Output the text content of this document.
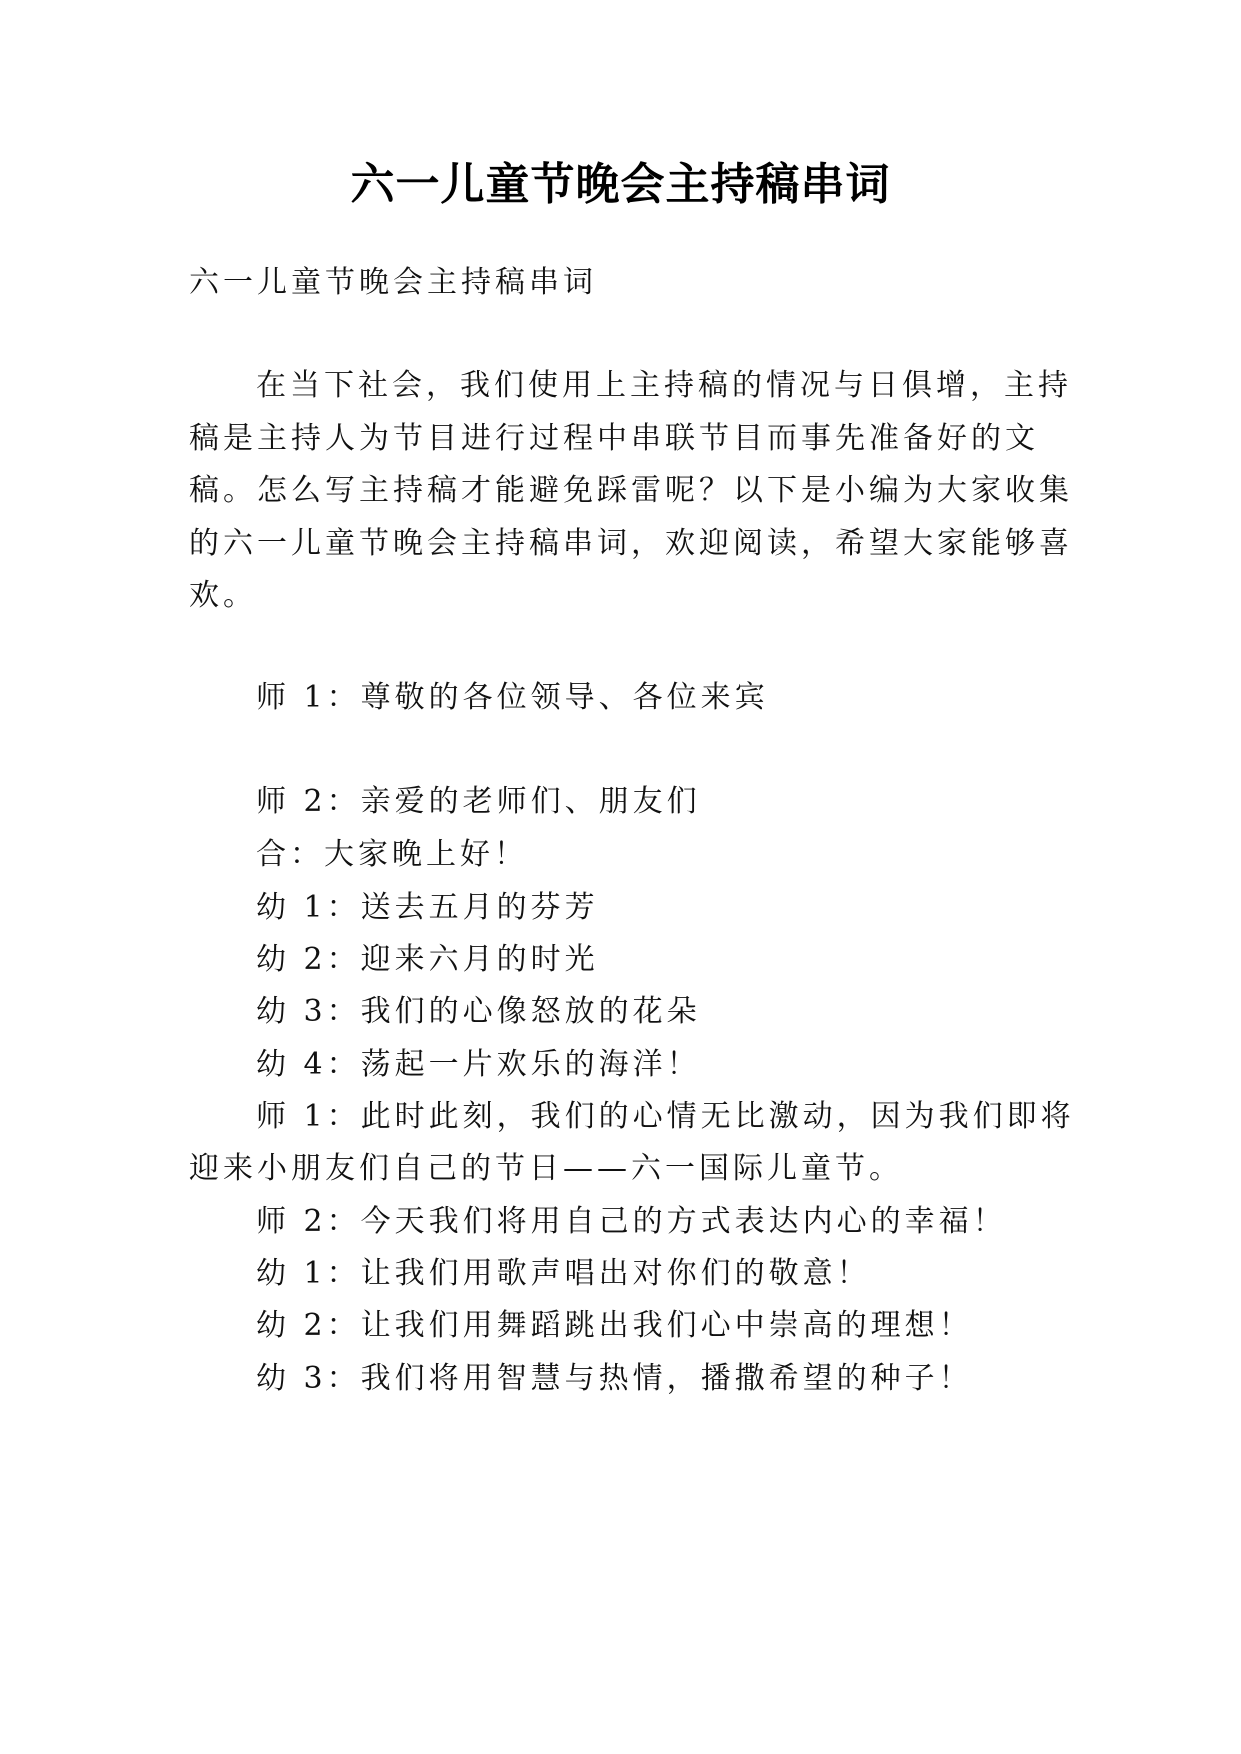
六一儿童节晚会主持稿串词

六一儿童节晚会主持稿串词

在当下社会，我们使用上主持稿的情况与日俱增，主持

稿是主持人为节目进行过程中串联节目而事先准备好的文

稿。怎么写主持稿才能避免踩雷呢？以下是小编为大家收集

的六一儿童节晚会主持稿串词，欢迎阅读，希望大家能够喜

欢。

师 1：尊敬的各位领导、各位来宾

师 2：亲爱的老师们、朋友们

合：大家晚上好！

幼 1：送去五月的芬芳

幼 2：迎来六月的时光

幼 3：我们的心像怒放的花朵

幼 4：荡起一片欢乐的海洋！

师 1：此时此刻，我们的心情无比激动，因为我们即将

迎来小朋友们自己的节日——六一国际儿童节。

师 2：今天我们将用自己的方式表达内心的幸福！

幼 1：让我们用歌声唱出对你们的敬意！

幼 2：让我们用舞蹈跳出我们心中崇高的理想！

幼 3：我们将用智慧与热情，播撒希望的种子！
